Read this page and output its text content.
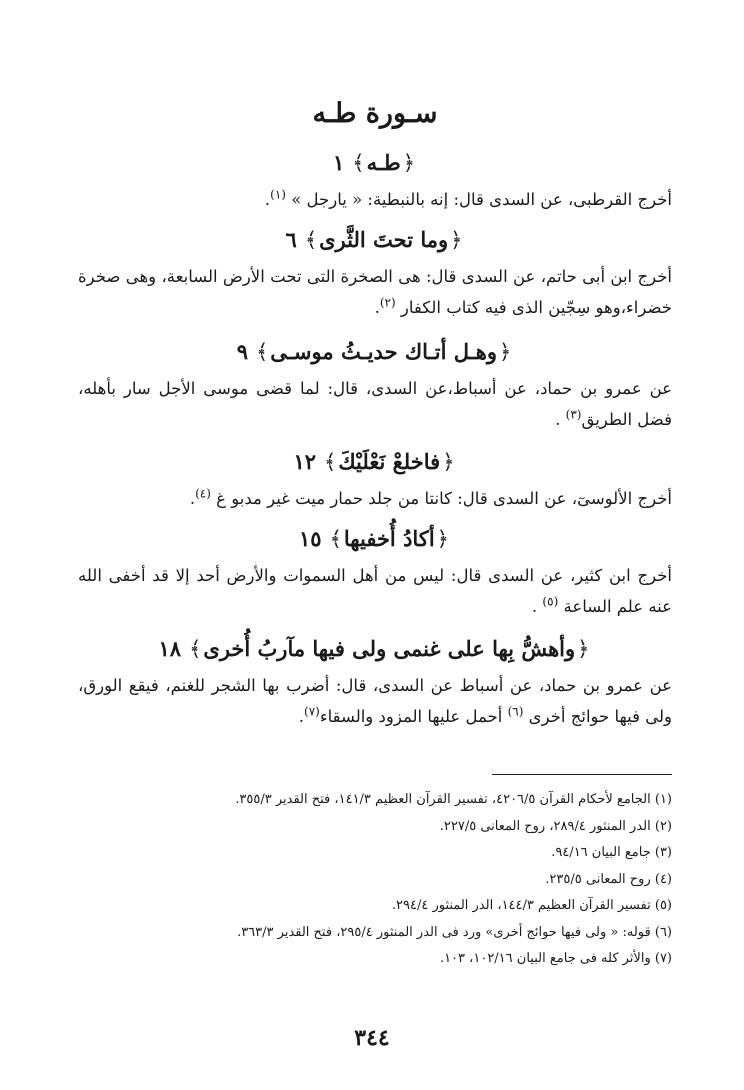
سـورة طـه
﴿طـه﴾١

أخرج القرطبى، عن السدى قال: إنه بالنبطية: « يارجل » $^{(١)}$.

﴿وما تحتَ الثَّرى﴾٦

أخرج ابن أبى حاتم، عن السدى قال: هى الصخرة التى تحت الأرض السابعة، وهى صخرة خضراء،وهو سِجّين الذى فيه كتاب الكفار $^{(٢)}$.

﴿وهـل أتـاك حديـثُ موسـى﴾٩

عن عمرو بن حماد، عن أسباط،عن السدى، قال: لما قضى موسى الأجل سار بأهله، فضل الطريق$^{(٣)}$ .

﴿فاخلعْ نَعْلَيْكَ﴾١٢

أخرج الألوسىٓ، عن السدى قال: كانتا من جلد حمار ميت غير مدبو غ $^{(٤)}$.

﴿أكادُ أُخفيها﴾١٥

أخرج ابن كثير، عن السدى قال: ليس من أهل السموات والأرض أحد إلا قد أخفى الله عنه علم الساعة $^{(٥)}$ .

﴿وأهشُّ بِها على غنمى ولى فيها مآربُ أُخرى﴾١٨

عن عمرو بن حماد، عن أسباط عن السدى، قال: أضرب بها الشجر للغنم، فيقع الورق، ولى فيها حوائج أخرى $^{(٦)}$ أحمل عليها المزود والسقاء$^{(٧)}$.

(١) الجامع لأحكام القرآن ٤٢٠٦/٥، تفسير القرآن العظيم ١٤١/٣، فتح القدير ٣٥٥/٣.
(٢) الدر المنثور ٢٨٩/٤، روح المعانى ٢٢٧/٥.
(٣) جامع البيان ٩٤/١٦.
(٤) روح المعانى ٢٣٥/٥.
(٥) تفسير القرآن العظيم ١٤٤/٣، الدر المنثور ٢٩٤/٤.
(٦) قوله: « ولى فيها حوائج أخرى» ورد فى الدر المنثور ٢٩٥/٤، فتح القدير ٣٦٣/٣.
(٧) والأثر كله فى جامع البيان ١٠٢/١٦، ١٠٣.
٣٤٤
